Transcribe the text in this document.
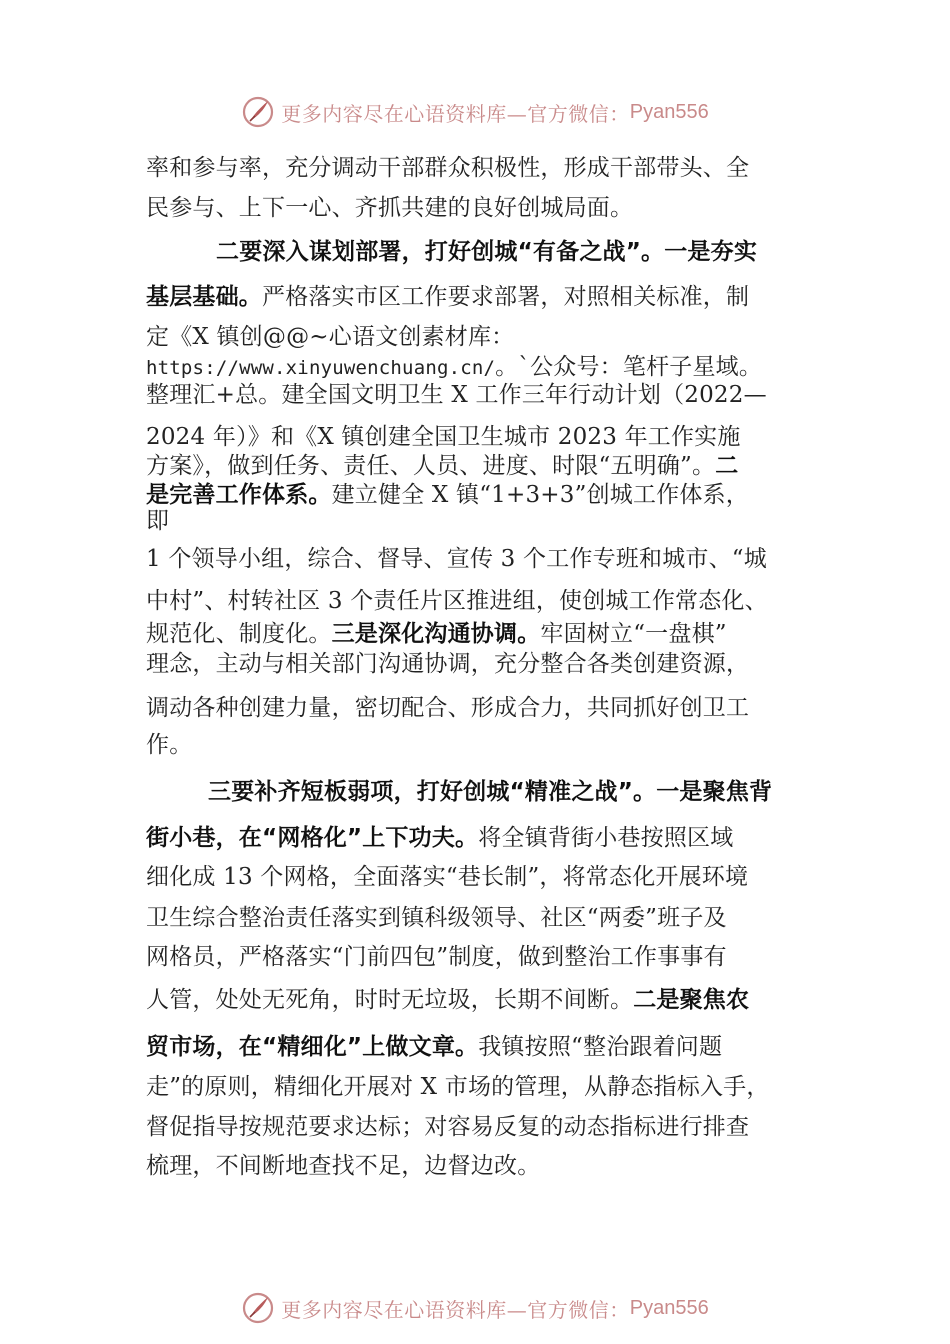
更多内容尽在心语资料库—官方微信： Pyan556
率和参与率，充分调动干部群众积极性，形成干部带头、全
民参与、上下一心、齐抓共建的良好创城局面。
二要深入谋划部署，打好创城“有备之战”。一是夯实
基层基础。严格落实市区工作要求部署，对照相关标准，制
定《X 镇创@@~心语文创素材库：
https://www.xinyuwenchuang.cn/。`公众号：笔杆子星域。
整理汇+总。建全国文明卫生 X 工作三年行动计划（2022—
2024 年）》和《X 镇创建全国卫生城市 2023 年工作实施
方案》，做到任务、责任、人员、进度、时限“五明确”。二
是完善工作体系。建立健全 X 镇“1+3+3”创城工作体系，
即
1 个领导小组，综合、督导、宣传 3 个工作专班和城市、“城
中村”、村转社区 3 个责任片区推进组，使创城工作常态化、
规范化、制度化。三是深化沟通协调。牢固树立“一盘棋”
理念，主动与相关部门沟通协调，充分整合各类创建资源，
调动各种创建力量，密切配合、形成合力，共同抓好创卫工
作。
三要补齐短板弱项，打好创城“精准之战”。一是聚焦背
街小巷，在“网格化”上下功夫。将全镇背街小巷按照区域
细化成 13 个网格，全面落实“巷长制”，将常态化开展环境
卫生综合整治责任落实到镇科级领导、社区“两委”班子及
网格员，严格落实“门前四包”制度，做到整治工作事事有
人管，处处无死角，时时无垃圾，长期不间断。二是聚焦农
贸市场，在“精细化”上做文章。我镇按照“整治跟着问题
走”的原则，精细化开展对 X 市场的管理，从静态指标入手，
督促指导按规范要求达标；对容易反复的动态指标进行排查
梳理，不间断地查找不足，边督边改。
更多内容尽在心语资料库—官方微信： Pyan556
